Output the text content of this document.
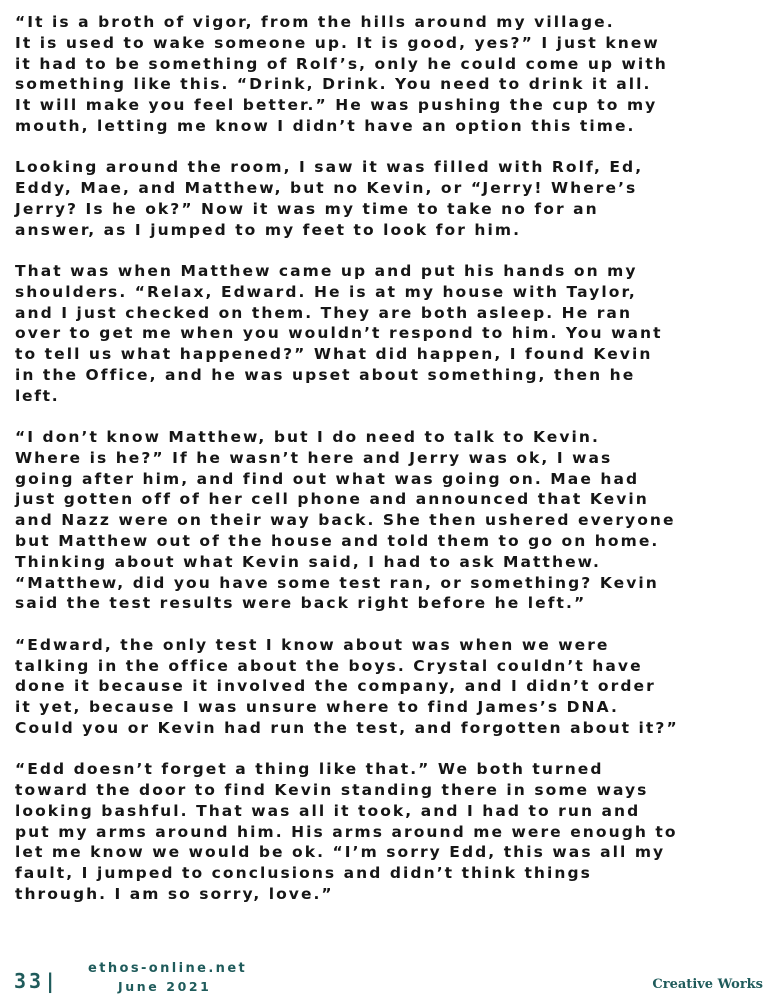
“It is a broth of vigor, from the hills around my village.
It is used to wake someone up. It is good, yes?” I just knew
it had to be something of Rolf’s, only he could come up with
something like this. “Drink, Drink. You need to drink it all.
It will make you feel better.” He was pushing the cup to my
mouth, letting me know I didn’t have an option this time.

Looking around the room, I saw it was filled with Rolf, Ed,
Eddy, Mae, and Matthew, but no Kevin, or “Jerry! Where’s
Jerry? Is he ok?” Now it was my time to take no for an
answer, as I jumped to my feet to look for him.

That was when Matthew came up and put his hands on my
shoulders. “Relax, Edward. He is at my house with Taylor,
and I just checked on them. They are both asleep. He ran
over to get me when you wouldn’t respond to him. You want
to tell us what happened?” What did happen, I found Kevin
in the Office, and he was upset about something, then he
left.

“I don’t know Matthew, but I do need to talk to Kevin.
Where is he?” If he wasn’t here and Jerry was ok, I was
going after him, and find out what was going on. Mae had
just gotten off of her cell phone and announced that Kevin
and Nazz were on their way back. She then ushered everyone
but Matthew out of the house and told them to go on home.
Thinking about what Kevin said, I had to ask Matthew.
“Matthew, did you have some test ran, or something? Kevin
said the test results were back right before he left.”

“Edward, the only test I know about was when we were
talking in the office about the boys. Crystal couldn’t have
done it because it involved the company, and I didn’t order
it yet, because I was unsure where to find James’s DNA.
Could you or Kevin had run the test, and forgotten about it?”

“Edd doesn’t forget a thing like that.” We both turned
toward the door to find Kevin standing there in some ways
looking bashful. That was all it took, and I had to run and
put my arms around him. His arms around me were enough to
let me know we would be ok. “I’m sorry Edd, this was all my
fault, I jumped to conclusions and didn’t think things
through. I am so sorry, love.”

33|
ethos-online.net
June 2021	Creative Works
